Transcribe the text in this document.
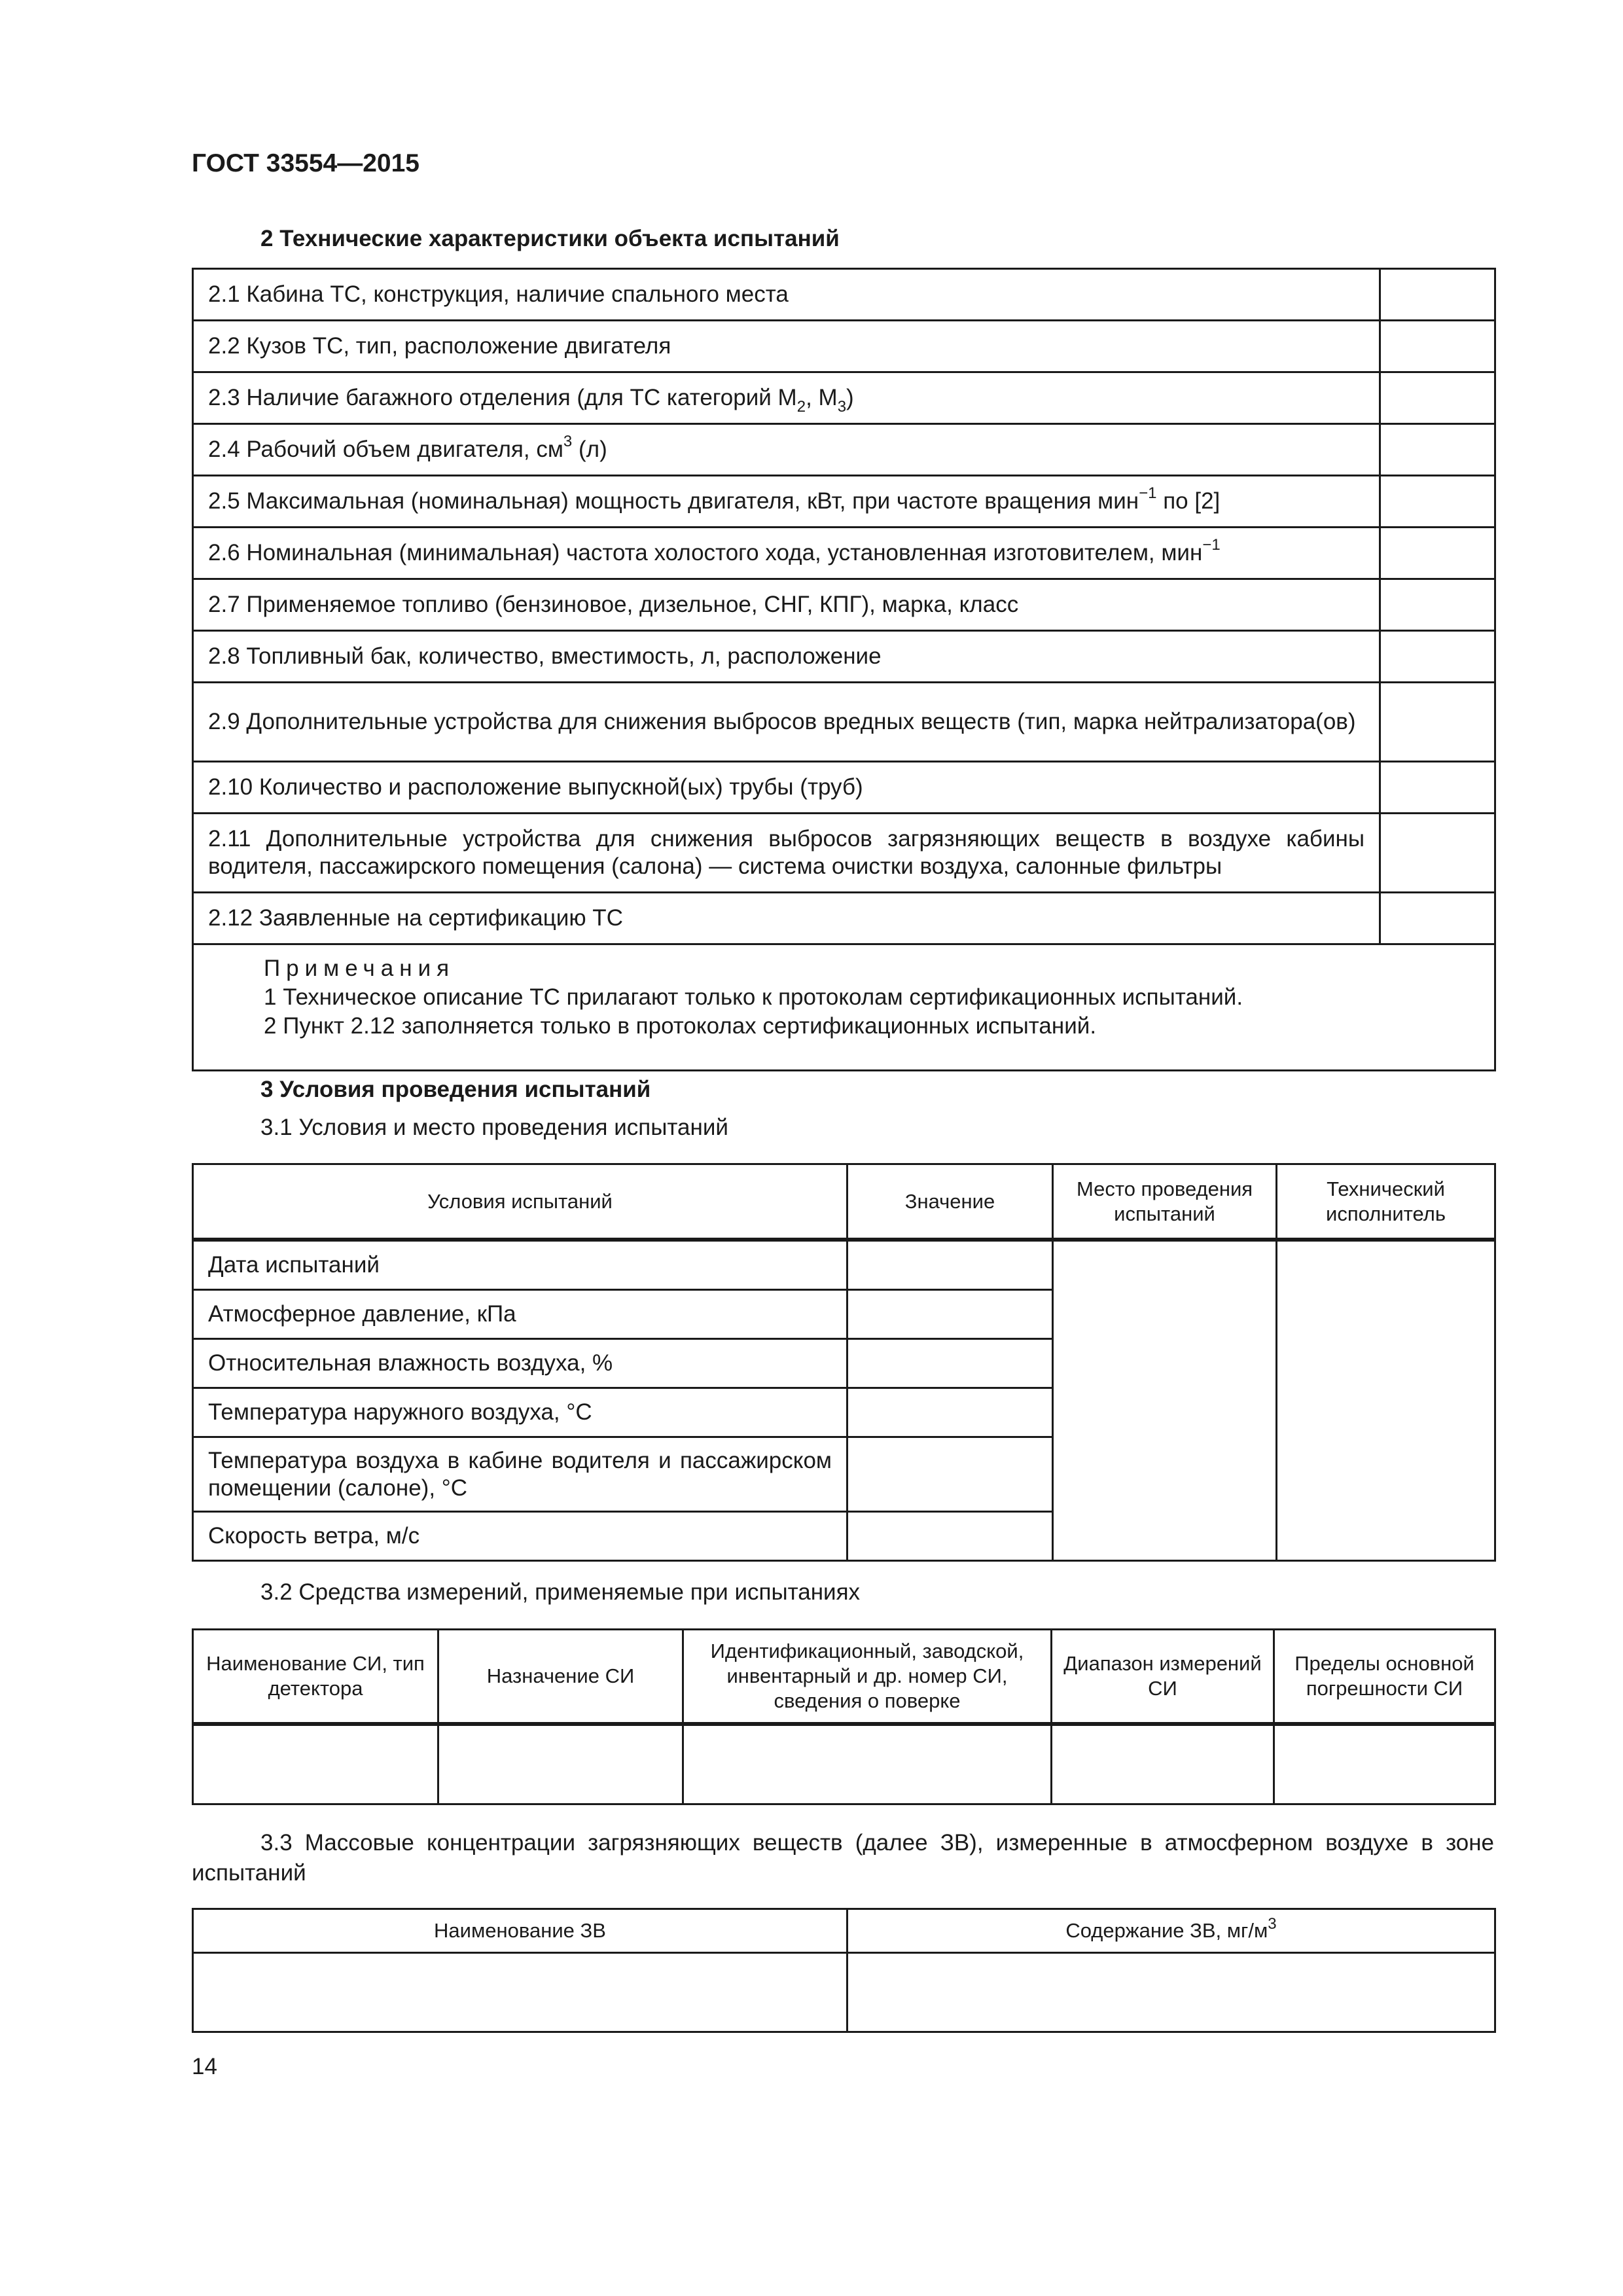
ГОСТ 33554—2015
2 Технические характеристики объекта испытаний
2.1 Кабина ТС, конструкция, наличие спального места	
2.2 Кузов ТС, тип, расположение двигателя	
2.3 Наличие багажного отделения (для ТС категорий $М_2$, $М_3$)	
2.4 Рабочий объем двигателя, $см^3$ (л)	
2.5 Максимальная (номинальная) мощность двигателя, кВт, при частоте вращения мин$^{-1}$ по [2]	
2.6 Номинальная (минимальная) частота холостого хода, установленная изготовителем, мин$^{-1}$	
2.7 Применяемое топливо (бензиновое, дизельное, СНГ, КПГ), марка, класс	
2.8 Топливный бак, количество, вместимость, л, расположение	
2.9 Дополнительные устройства для снижения выбросов вредных веществ (тип, марка нейтрализатора(ов)	
2.10 Количество и расположение выпускной(ых) трубы (труб)	
2.11 Дополнительные устройства для снижения выбросов загрязняющих веществ в воздухе кабины водителя, пассажирского помещения (салона) — система очистки воздуха, салонные фильтры	
2.12 Заявленные на сертификацию ТС	

Примечания
1 Техническое описание ТС прилагают только к протоколам сертификационных испытаний.
2 Пункт 2.12 заполняется только в протоколах сертификационных испытаний.	
3 Условия проведения испытаний
3.1 Условия и место проведения испытаний
Условия испытаний	Значение	Место проведения испытаний	Технический исполнитель
Дата испытаний			
Атмосферное давление, кПа			
Относительная влажность воздуха, %			
Температура наружного воздуха, °С			
Температура воздуха в кабине водителя и пассажирском помещении (салоне), °С			
Скорость ветра, м/с			
3.2 Средства измерений, применяемые при испытаниях
Наименование СИ, тип детектора	Назначение СИ	Идентификационный, заводской, инвентарный и др. номер СИ, сведения о поверке	Диапазон измерений СИ	Пределы основной погрешности СИ

3.3 Массовые концентрации загрязняющих веществ (далее ЗВ), измеренные в атмосферном воздухе в зоне испытаний
Наименование ЗВ	Содержание ЗВ, $мг/м^3$

14
